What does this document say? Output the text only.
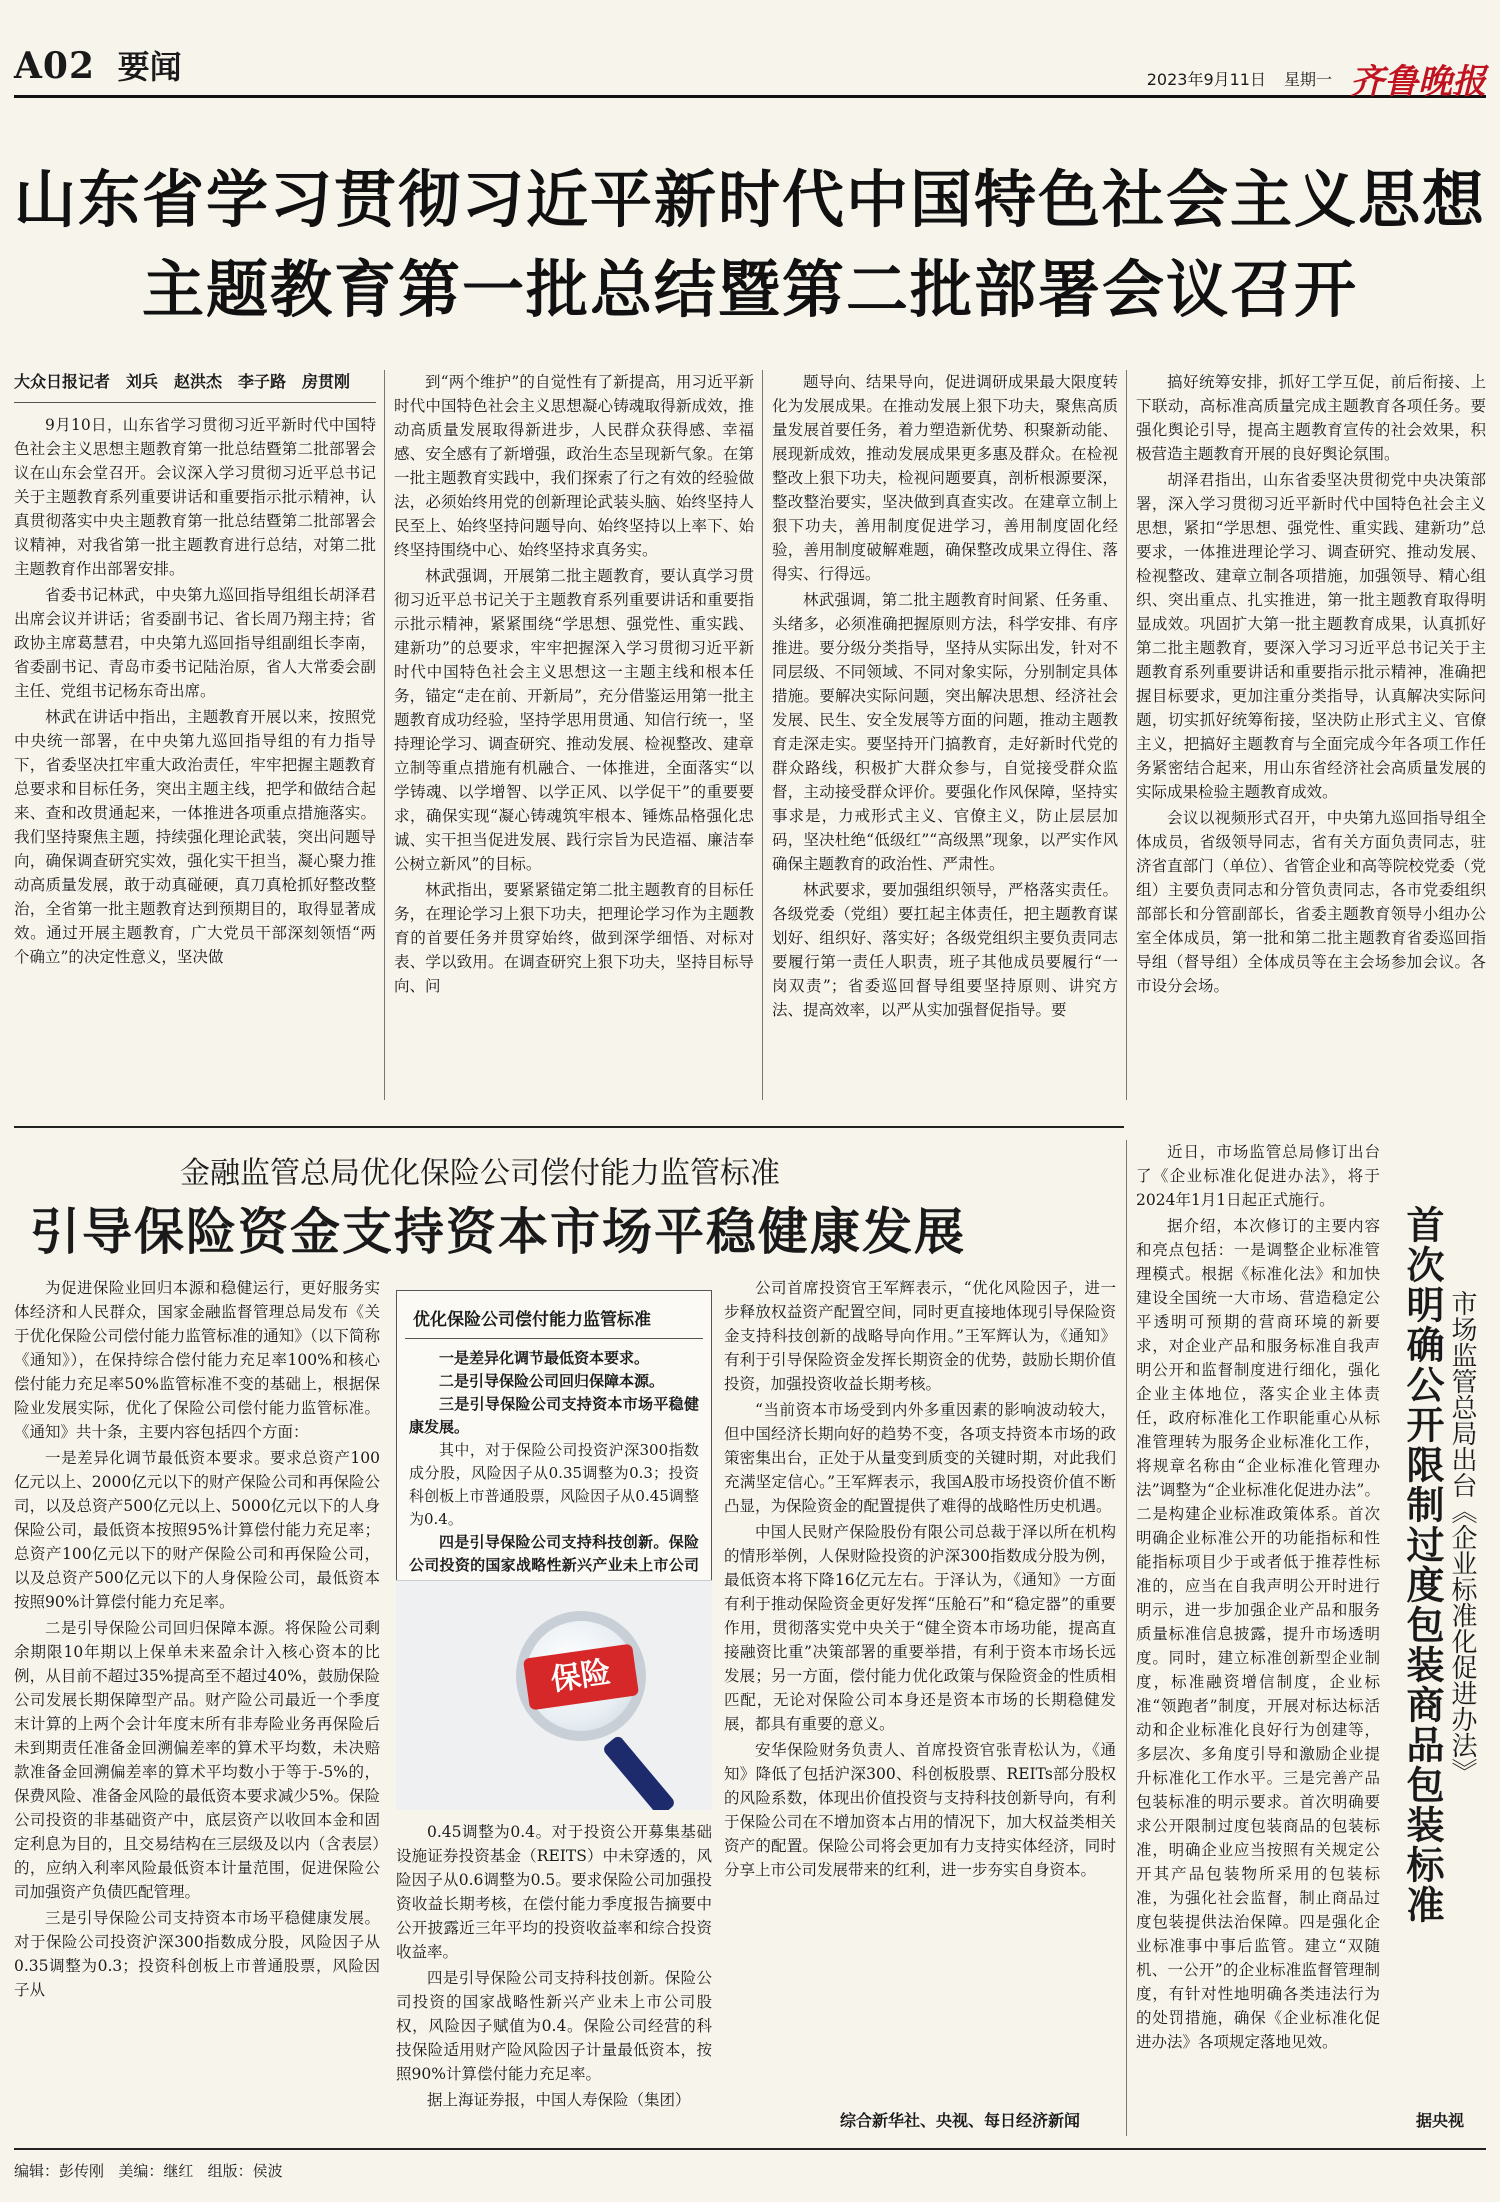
A02 要闻	2023年9月11日 星期一 齐鲁晚报
山东省学习贯彻习近平新时代中国特色社会主义思想
主题教育第一批总结暨第二批部署会议召开
大众日报记者　刘兵　赵洪杰　李子路　房贯刚

9月10日，山东省学习贯彻习近平新时代中国特色社会主义思想主题教育第一批总结暨第二批部署会议在山东会堂召开。会议深入学习贯彻习近平总书记关于主题教育系列重要讲话和重要指示批示精神，认真贯彻落实中央主题教育第一批总结暨第二批部署会议精神，对我省第一批主题教育进行总结，对第二批主题教育作出部署安排。

省委书记林武，中央第九巡回指导组组长胡泽君出席会议并讲话；省委副书记、省长周乃翔主持；省政协主席葛慧君，中央第九巡回指导组副组长李南，省委副书记、青岛市委书记陆治原，省人大常委会副主任、党组书记杨东奇出席。

林武在讲话中指出，主题教育开展以来，按照党中央统一部署，在中央第九巡回指导组的有力指导下，省委坚决扛牢重大政治责任，牢牢把握主题教育总要求和目标任务，突出主题主线，把学和做结合起来、查和改贯通起来，一体推进各项重点措施落实。我们坚持聚焦主题，持续强化理论武装，突出问题导向，确保调查研究实效，强化实干担当，凝心聚力推动高质量发展，敢于动真碰硬，真刀真枪抓好整改整治，全省第一批主题教育达到预期目的，取得显著成效。通过开展主题教育，广大党员干部深刻领悟“两个确立”的决定性意义，坚决做

到“两个维护”的自觉性有了新提高，用习近平新时代中国特色社会主义思想凝心铸魂取得新成效，推动高质量发展取得新进步，人民群众获得感、幸福感、安全感有了新增强，政治生态呈现新气象。在第一批主题教育实践中，我们探索了行之有效的经验做法，必须始终用党的创新理论武装头脑、始终坚持人民至上、始终坚持问题导向、始终坚持以上率下、始终坚持围绕中心、始终坚持求真务实。

林武强调，开展第二批主题教育，要认真学习贯彻习近平总书记关于主题教育系列重要讲话和重要指示批示精神，紧紧围绕“学思想、强党性、重实践、建新功”的总要求，牢牢把握深入学习贯彻习近平新时代中国特色社会主义思想这一主题主线和根本任务，锚定“走在前、开新局”，充分借鉴运用第一批主题教育成功经验，坚持学思用贯通、知信行统一，坚持理论学习、调查研究、推动发展、检视整改、建章立制等重点措施有机融合、一体推进，全面落实“以学铸魂、以学增智、以学正风、以学促干”的重要要求，确保实现“凝心铸魂筑牢根本、锤炼品格强化忠诚、实干担当促进发展、践行宗旨为民造福、廉洁奉公树立新风”的目标。

林武指出，要紧紧锚定第二批主题教育的目标任务，在理论学习上狠下功夫，把理论学习作为主题教育的首要任务并贯穿始终，做到深学细悟、对标对表、学以致用。在调查研究上狠下功夫，坚持目标导向、问

题导向、结果导向，促进调研成果最大限度转化为发展成果。在推动发展上狠下功夫，聚焦高质量发展首要任务，着力塑造新优势、积聚新动能、展现新成效，推动发展成果更多惠及群众。在检视整改上狠下功夫，检视问题要真，剖析根源要深，整改整治要实，坚决做到真查实改。在建章立制上狠下功夫，善用制度促进学习，善用制度固化经验，善用制度破解难题，确保整改成果立得住、落得实、行得远。

林武强调，第二批主题教育时间紧、任务重、头绪多，必须准确把握原则方法，科学安排、有序推进。要分级分类指导，坚持从实际出发，针对不同层级、不同领域、不同对象实际，分别制定具体措施。要解决实际问题，突出解决思想、经济社会发展、民生、安全发展等方面的问题，推动主题教育走深走实。要坚持开门搞教育，走好新时代党的群众路线，积极扩大群众参与，自觉接受群众监督，主动接受群众评价。要强化作风保障，坚持实事求是，力戒形式主义、官僚主义，防止层层加码，坚决杜绝“低级红”“高级黑”现象，以严实作风确保主题教育的政治性、严肃性。

林武要求，要加强组织领导，严格落实责任。各级党委（党组）要扛起主体责任，把主题教育谋划好、组织好、落实好；各级党组织主要负责同志要履行第一责任人职责，班子其他成员要履行“一岗双责”；省委巡回督导组要坚持原则、讲究方法、提高效率，以严从实加强督促指导。要

搞好统筹安排，抓好工学互促，前后衔接、上下联动，高标准高质量完成主题教育各项任务。要强化舆论引导，提高主题教育宣传的社会效果，积极营造主题教育开展的良好舆论氛围。

胡泽君指出，山东省委坚决贯彻党中央决策部署，深入学习贯彻习近平新时代中国特色社会主义思想，紧扣“学思想、强党性、重实践、建新功”总要求，一体推进理论学习、调查研究、推动发展、检视整改、建章立制各项措施，加强领导、精心组织、突出重点、扎实推进，第一批主题教育取得明显成效。巩固扩大第一批主题教育成果，认真抓好第二批主题教育，要深入学习习近平总书记关于主题教育系列重要讲话和重要指示批示精神，准确把握目标要求，更加注重分类指导，认真解决实际问题，切实抓好统筹衔接，坚决防止形式主义、官僚主义，把搞好主题教育与全面完成今年各项工作任务紧密结合起来，用山东省经济社会高质量发展的实际成果检验主题教育成效。

会议以视频形式召开，中央第九巡回指导组全体成员，省级领导同志，省有关方面负责同志，驻济省直部门（单位）、省管企业和高等院校党委（党组）主要负责同志和分管负责同志，各市党委组织部部长和分管副部长，省委主题教育领导小组办公室全体成员，第一批和第二批主题教育省委巡回指导组（督导组）全体成员等在主会场参加会议。各市设分会场。

金融监管总局优化保险公司偿付能力监管标准
引导保险资金支持资本市场平稳健康发展

为促进保险业回归本源和稳健运行，更好服务实体经济和人民群众，国家金融监督管理总局发布《关于优化保险公司偿付能力监管标准的通知》（以下简称《通知》），在保持综合偿付能力充足率100%和核心偿付能力充足率50%监管标准不变的基础上，根据保险业发展实际，优化了保险公司偿付能力监管标准。《通知》共十条，主要内容包括四个方面：

一是差异化调节最低资本要求。要求总资产100亿元以上、2000亿元以下的财产保险公司和再保险公司，以及总资产500亿元以上、5000亿元以下的人身保险公司，最低资本按照95%计算偿付能力充足率；总资产100亿元以下的财产保险公司和再保险公司，以及总资产500亿元以下的人身保险公司，最低资本按照90%计算偿付能力充足率。

二是引导保险公司回归保障本源。将保险公司剩余期限10年期以上保单未来盈余计入核心资本的比例，从目前不超过35%提高至不超过40%，鼓励保险公司发展长期保障型产品。财产险公司最近一个季度末计算的上两个会计年度末所有非寿险业务再保险后未到期责任准备金回溯偏差率的算术平均数，未决赔款准备金回溯偏差率的算术平均数小于等于-5%的，保费风险、准备金风险的最低资本要求减少5%。保险公司投资的非基础资产中，底层资产以收回本金和固定利息为目的，且交易结构在三层级及以内（含表层）的，应纳入利率风险最低资本计量范围，促进保险公司加强资产负债匹配管理。

三是引导保险公司支持资本市场平稳健康发展。对于保险公司投资沪深300指数成分股，风险因子从0.35调整为0.3；投资科创板上市普通股票，风险因子从

优化保险公司偿付能力监管标准

一是差异化调节最低资本要求。

二是引导保险公司回归保障本源。

三是引导保险公司支持资本市场平稳健康发展。

其中，对于保险公司投资沪深300指数成分股，风险因子从0.35调整为0.3；投资科创板上市普通股票，风险因子从0.45调整为0.4。

四是引导保险公司支持科技创新。保险公司投资的国家战略性新兴产业未上市公司

保险

0.45调整为0.4。对于投资公开募集基础设施证券投资基金（REITS）中未穿透的，风险因子从0.6调整为0.5。要求保险公司加强投资收益长期考核，在偿付能力季度报告摘要中公开披露近三年平均的投资收益率和综合投资收益率。

四是引导保险公司支持科技创新。保险公司投资的国家战略性新兴产业未上市公司股权，风险因子赋值为0.4。保险公司经营的科技保险适用财产险风险因子计量最低资本，按照90%计算偿付能力充足率。

据上海证券报，中国人寿保险（集团）

公司首席投资官王军辉表示，“优化风险因子，进一步释放权益资产配置空间，同时更直接地体现引导保险资金支持科技创新的战略导向作用。”王军辉认为，《通知》有利于引导保险资金发挥长期资金的优势，鼓励长期价值投资，加强投资收益长期考核。

“当前资本市场受到内外多重因素的影响波动较大，但中国经济长期向好的趋势不变，各项支持资本市场的政策密集出台，正处于从量变到质变的关键时期，对此我们充满坚定信心。”王军辉表示，我国A股市场投资价值不断凸显，为保险资金的配置提供了难得的战略性历史机遇。

中国人民财产保险股份有限公司总裁于泽以所在机构的情形举例，人保财险投资的沪深300指数成分股为例，最低资本将下降16亿元左右。于泽认为，《通知》一方面有利于推动保险资金更好发挥“压舱石”和“稳定器”的重要作用，贯彻落实党中央关于“健全资本市场功能，提高直接融资比重”决策部署的重要举措，有利于资本市场长远发展；另一方面，偿付能力优化政策与保险资金的性质相匹配，无论对保险公司本身还是资本市场的长期稳健发展，都具有重要的意义。

安华保险财务负责人、首席投资官张青松认为，《通知》降低了包括沪深300、科创板股票、REITs部分股权的风险系数，体现出价值投资与支持科技创新导向，有利于保险公司在不增加资本占用的情况下，加大权益类相关资产的配置。保险公司将会更加有力支持实体经济，同时分享上市公司发展带来的红利，进一步夯实自身资本。

综合新华社、央视、每日经济新闻

近日，市场监管总局修订出台了《企业标准化促进办法》，将于2024年1月1日起正式施行。

据介绍，本次修订的主要内容和亮点包括：一是调整企业标准管理模式。根据《标准化法》和加快建设全国统一大市场、营造稳定公平透明可预期的营商环境的新要求，对企业产品和服务标准自我声明公开和监督制度进行细化，强化企业主体地位，落实企业主体责任，政府标准化工作职能重心从标准管理转为服务企业标准化工作，将规章名称由“企业标准化管理办法”调整为“企业标准化促进办法”。二是构建企业标准政策体系。首次明确企业标准公开的功能指标和性能指标项目少于或者低于推荐性标准的，应当在自我声明公开时进行明示，进一步加强企业产品和服务质量标准信息披露，提升市场透明度。同时，建立标准创新型企业制度，标准融资增信制度，企业标准“领跑者”制度，开展对标达标活动和企业标准化良好行为创建等，多层次、多角度引导和激励企业提升标准化工作水平。三是完善产品包装标准的明示要求。首次明确要求公开限制过度包装商品的包装标准，明确企业应当按照有关规定公开其产品包装物所采用的包装标准，为强化社会监督，制止商品过度包装提供法治保障。四是强化企业标准事中事后监管。建立“双随机、一公开”的企业标准监督管理制度，有针对性地明确各类违法行为的处罚措施，确保《企业标准化促进办法》各项规定落地见效。

首次明确公开限制过度包装商品包装标准 市场监管总局出台《企业标准化促进办法》
据央视
编辑：彭传刚 美编：继红 组版：侯波
